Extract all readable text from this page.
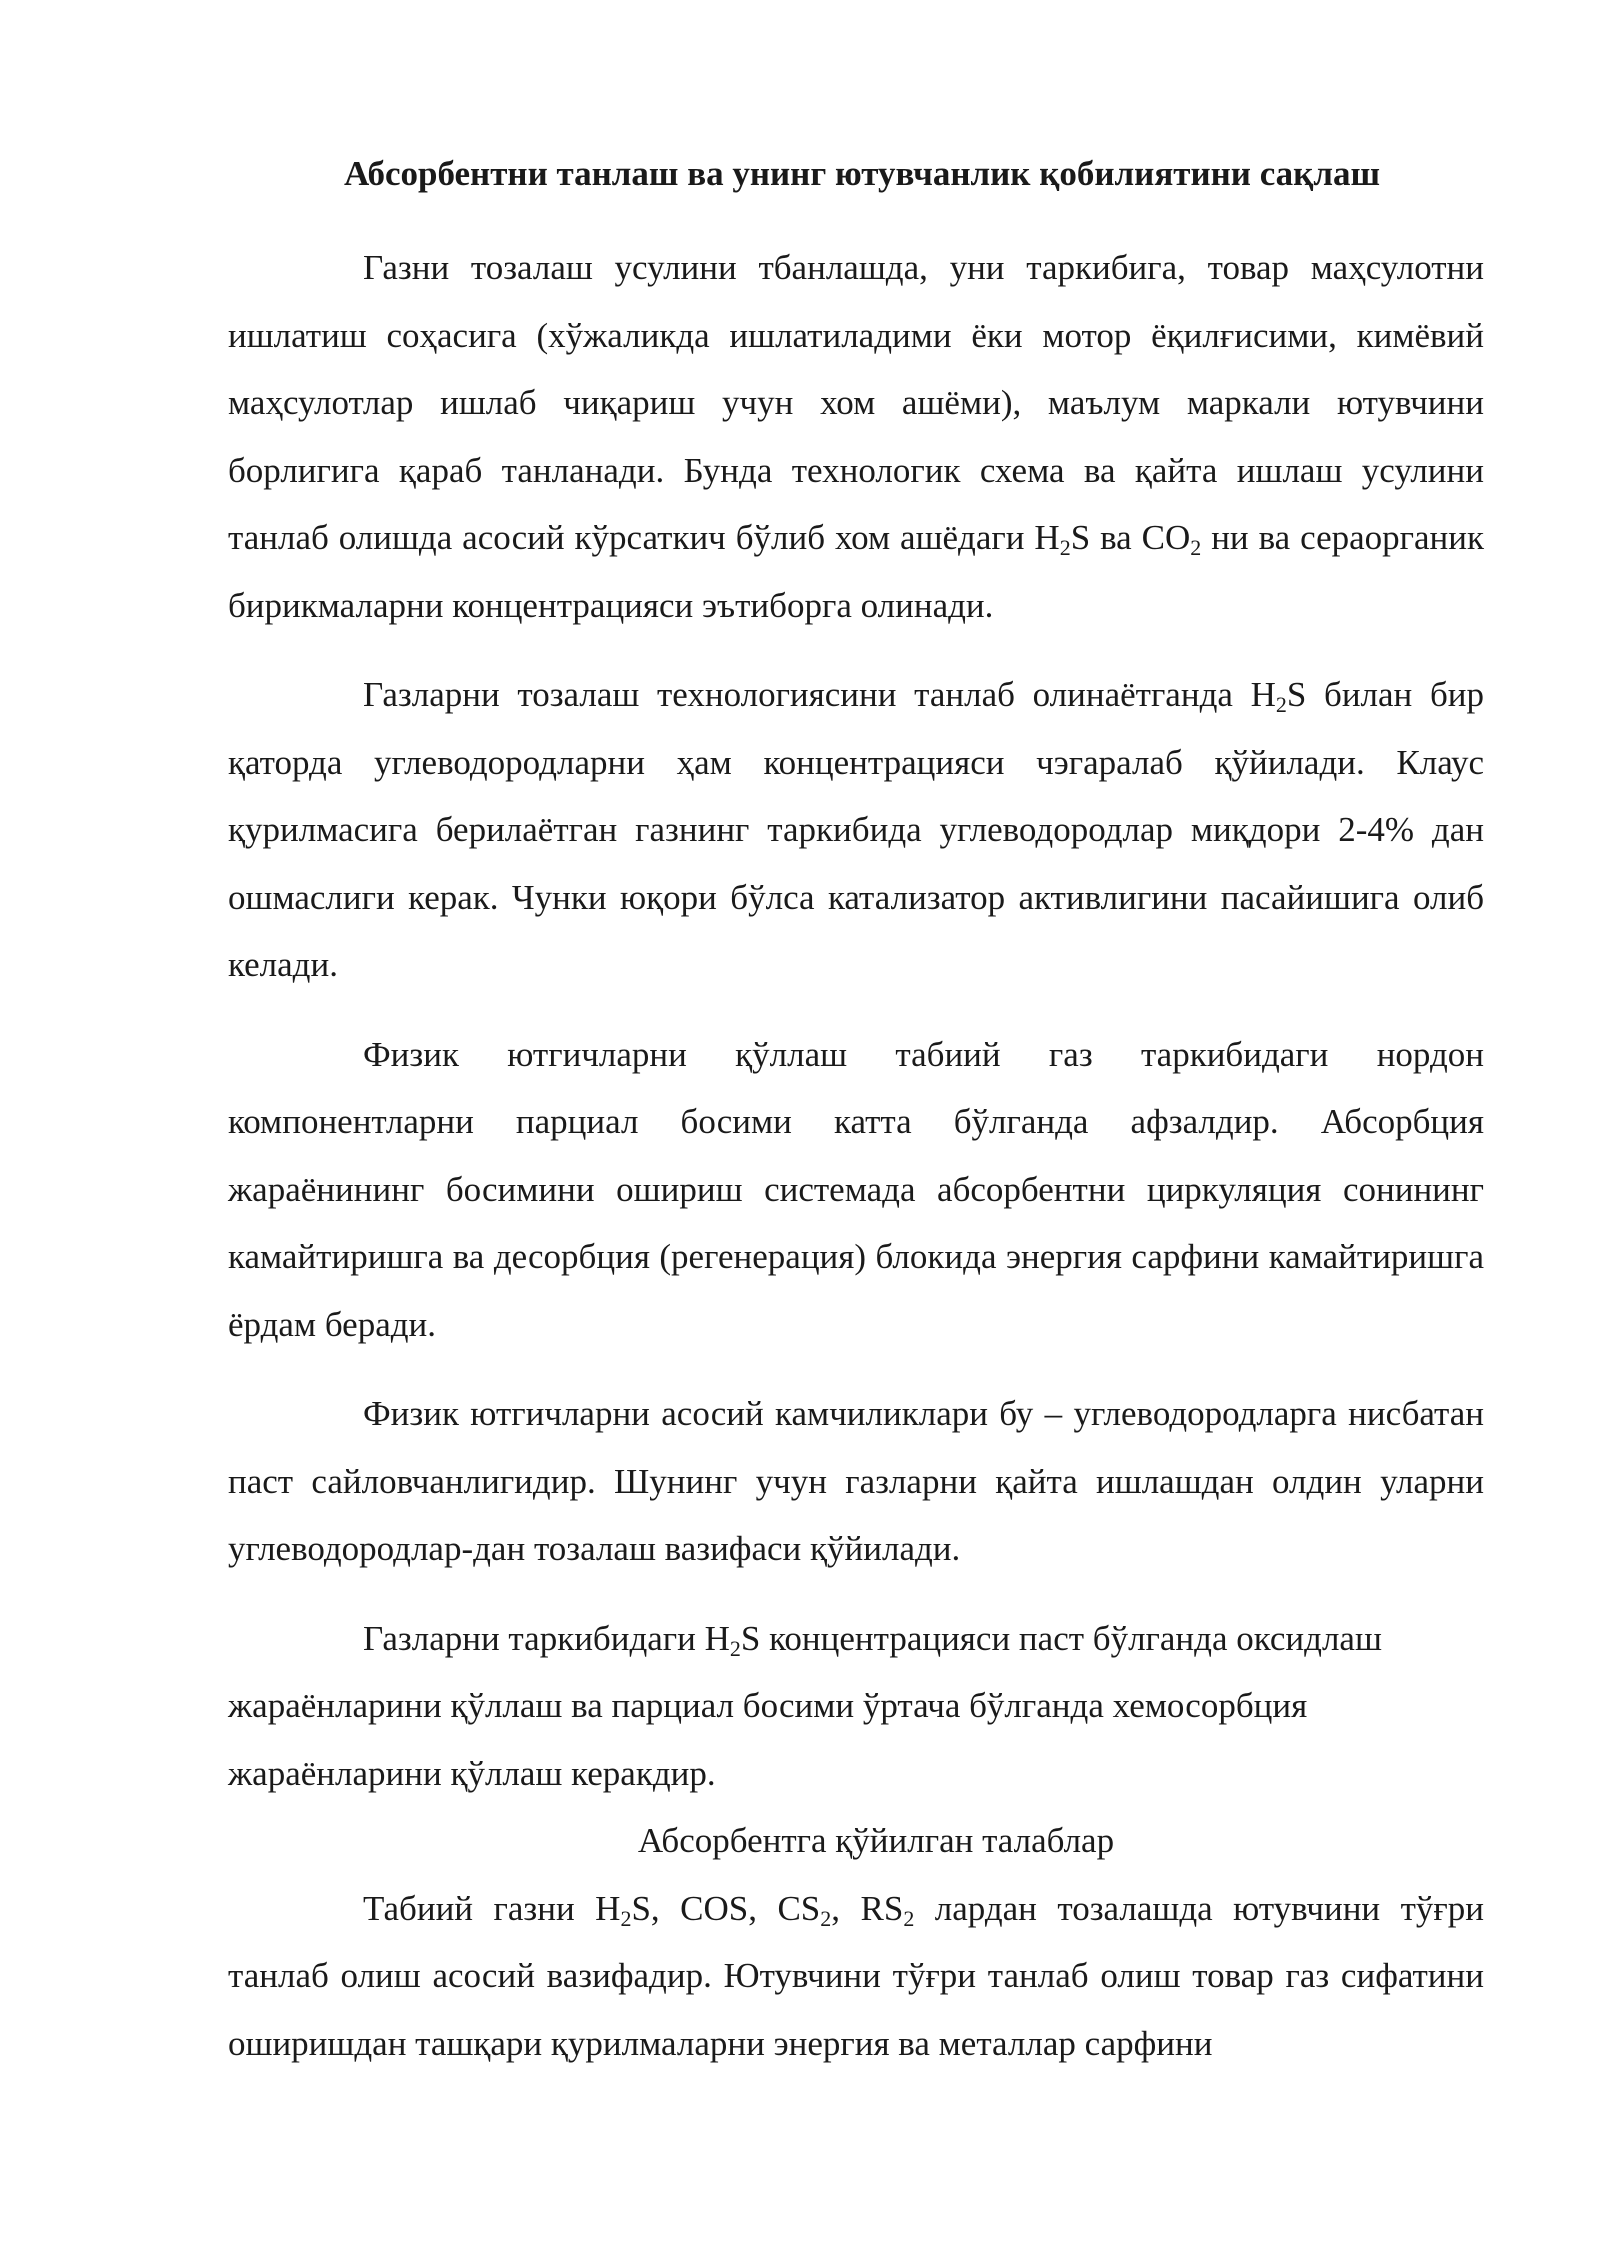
Абсорбентни танлаш ва унинг ютувчанлик қобилиятини сақлаш

Газни тозалаш усулини тбанлашда, уни таркибига, товар маҳсулотни ишлатиш соҳасига (хўжаликда ишлатиладими ёки мотор ёқилғисими, кимёвий маҳсулотлар ишлаб чиқариш учун хом ашёми), маълум маркали ютувчини борлигига қараб танланади. Бунда технологик схема ва қайта ишлаш усулини танлаб олишда асосий кўрсаткич бўлиб хом ашёдаги $H_2S$ ва $CO_2$ ни ва сераорганик бирикмаларни концентрацияси эътиборга олинади.

Газларни тозалаш технологиясини танлаб олинаётганда $H_2S$ билан бир қаторда углеводородларни ҳам концентрацияси чэгаралаб қўйилади. Клаус қурилмасига берилаётган газнинг таркибида углеводородлар миқдори 2-4% дан ошмаслиги керак. Чунки юқори бўлса катализатор активлигини пасайишига олиб келади.

Физик ютгичларни қўллаш табиий газ таркибидаги нордон компонентларни парциал босими катта бўлганда афзалдир. Абсорбция жараёнининг босимини ошириш системада абсорбентни циркуляция сонининг камайтиришга ва десорбция (регенерация) блокида энергия сарфини камайтиришга ёрдам беради.

Физик ютгичларни асосий камчиликлари бу – углеводородларга нисбатан паст сайловчанлигидир. Шунинг учун газларни қайта ишлашдан олдин уларни углеводородлар-дан тозалаш вазифаси қўйилади.

Газларни таркибидаги $H_2S$ концентрацияси паст бўлганда оксидлаш жараёнларини қўллаш ва парциал босими ўртача бўлганда хемосорбция жараёнларини қўллаш керакдир.

Абсорбентга қўйилган талаблар

Табиий газни $H_2S$, COS, $CS_2$, $RS_2$ лардан тозалашда ютувчини тўғри танлаб олиш асосий вазифадир. Ютувчини тўғри танлаб олиш товар газ сифатини оширишдан ташқари қурилмаларни энергия ва металлар сарфини
